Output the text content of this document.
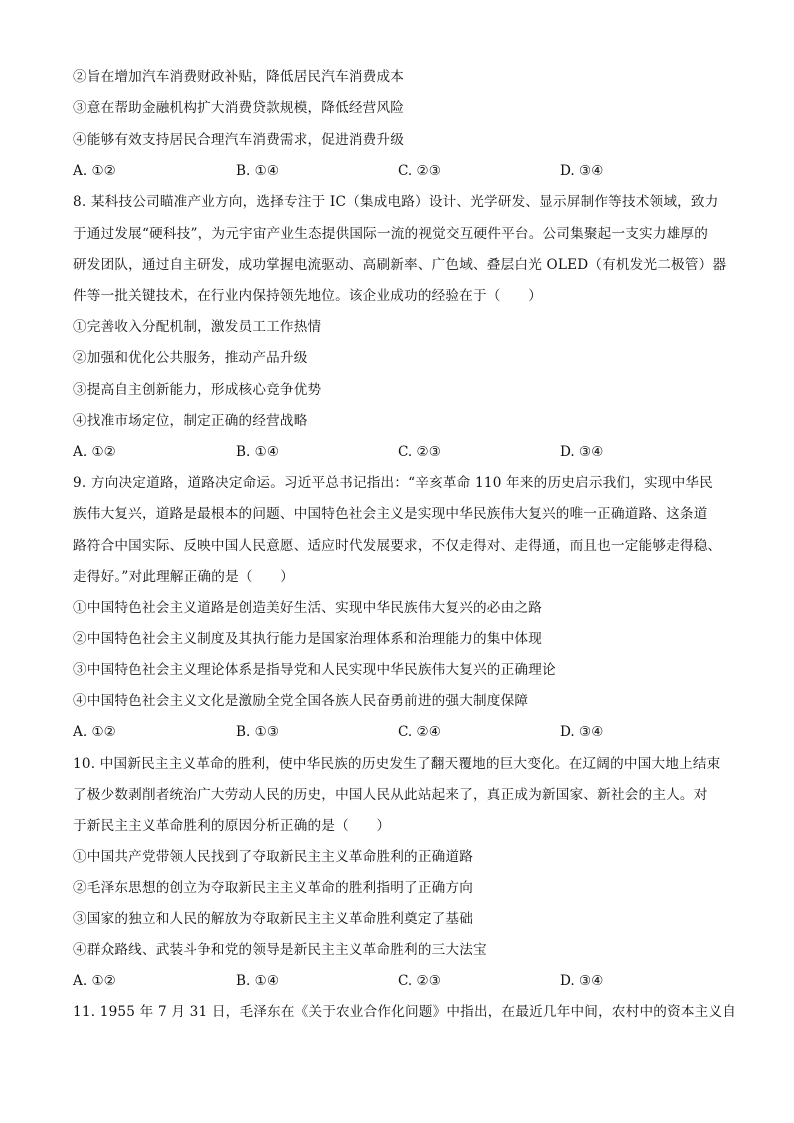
②旨在增加汽车消费财政补贴，降低居民汽车消费成本
③意在帮助金融机构扩大消费贷款规模，降低经营风险
④能够有效支持居民合理汽车消费需求，促进消费升级
A. ①②	B. ①④	C. ②③	D. ③④
8. 某科技公司瞄准产业方向，选择专注于 IC（集成电路）设计、光学研发、显示屏制作等技术领域，致力
于通过发展“硬科技”，为元宇宙产业生态提供国际一流的视觉交互硬件平台。公司集聚起一支实力雄厚的
研发团队，通过自主研发，成功掌握电流驱动、高刷新率、广色域、叠层白光 OLED（有机发光二极管）器
件等一批关键技术，在行业内保持领先地位。该企业成功的经验在于（　　）
①完善收入分配机制，激发员工工作热情
②加强和优化公共服务，推动产品升级
③提高自主创新能力，形成核心竞争优势
④找准市场定位，制定正确的经营战略
A. ①②	B. ①④	C. ②③	D. ③④
9. 方向决定道路，道路决定命运。习近平总书记指出：“辛亥革命 110 年来的历史启示我们，实现中华民
族伟大复兴，道路是最根本的问题、中国特色社会主义是实现中华民族伟大复兴的唯一正确道路、这条道
路符合中国实际、反映中国人民意愿、适应时代发展要求，不仅走得对、走得通，而且也一定能够走得稳、
走得好。”对此理解正确的是（　　）
①中国特色社会主义道路是创造美好生活、实现中华民族伟大复兴的必由之路
②中国特色社会主义制度及其执行能力是国家治理体系和治理能力的集中体现
③中国特色社会主义理论体系是指导党和人民实现中华民族伟大复兴的正确理论
④中国特色社会主义文化是激励全党全国各族人民奋勇前进的强大制度保障
A. ①②	B. ①③	C. ②④	D. ③④
10. 中国新民主主义革命的胜利，使中华民族的历史发生了翻天覆地的巨大变化。在辽阔的中国大地上结束
了极少数剥削者统治广大劳动人民的历史，中国人民从此站起来了，真正成为新国家、新社会的主人。对
于新民主主义革命胜利的原因分析正确的是（　　）
①中国共产党带领人民找到了夺取新民主主义革命胜利的正确道路
②毛泽东思想的创立为夺取新民主主义革命的胜利指明了正确方向
③国家的独立和人民的解放为夺取新民主主义革命胜利奠定了基础
④群众路线、武装斗争和党的领导是新民主主义革命胜利的三大法宝
A. ①②	B. ①④	C. ②③	D. ③④
11. 1955 年 7 月 31 日，毛泽东在《关于农业合作化问题》中指出，在最近几年中间，农村中的资本主义自
